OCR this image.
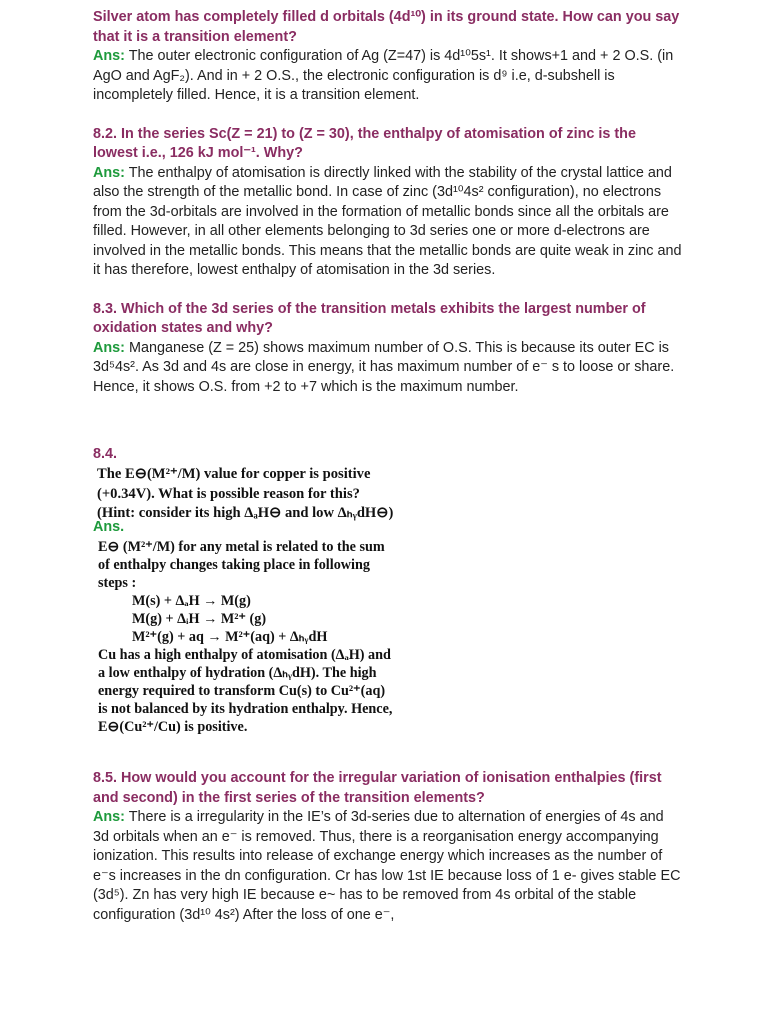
Silver atom has completely filled d orbitals (4d¹⁰) in its ground state. How can you say that it is a transition element?

Ans: The outer electronic configuration of Ag (Z=47) is 4d¹⁰5s¹. It shows+1 and + 2 O.S. (in AgO and AgF₂). And in + 2 O.S., the electronic configuration is d⁹ i.e, d-subshell is incompletely filled. Hence, it is a transition element.

8.2. In the series Sc(Z = 21) to (Z = 30), the enthalpy of atomisation of zinc is the lowest i.e., 126 kJ mol⁻¹. Why?

Ans: The enthalpy of atomisation is directly linked with the stability of the crystal lattice and also the strength of the metallic bond. In case of zinc (3d¹⁰4s² configuration), no electrons from the 3d-orbitals are involved in the formation of metallic bonds since all the orbitals are filled. However, in all other elements belonging to 3d series one or more d-electrons are involved in the metallic bonds. This means that the metallic bonds are quite weak in zinc and it has therefore, lowest enthalpy of atomisation in the 3d series.

8.3. Which of the 3d series of the transition metals exhibits the largest number of oxidation states and why?

Ans: Manganese (Z = 25) shows maximum number of O.S. This is because its outer EC is 3d⁵4s². As 3d and 4s are close in energy, it has maximum number of e⁻ s to loose or share. Hence, it shows O.S. from +2 to +7 which is the maximum number.

8.4.

The E⊖(M²⁺/M) value for copper is positive

(+0.34V). What is possible reason for this?

(Hint: consider its high ΔₐH⊖ and low ΔₕᵧdH⊖)

Ans.

E⊖ (M²⁺/M) for any metal is related to the sum

of enthalpy changes taking place in following

steps :

M(s) + ΔₐH → M(g)

M(g) + ΔᵢH → M²⁺ (g)

M²⁺(g) + aq → M²⁺(aq) + ΔₕᵧdH

Cu has a high enthalpy of atomisation (ΔₐH) and

a low enthalpy of hydration (ΔₕᵧdH). The high

energy required to transform Cu(s) to Cu²⁺(aq)

is not balanced by its hydration enthalpy. Hence,

E⊖(Cu²⁺/Cu) is positive.

8.5. How would you account for the irregular variation of ionisation enthalpies (first and second) in the first series of the transition elements?

Ans: There is a irregularity in the IE’s of 3d-series due to alternation of energies of 4s and 3d orbitals when an e⁻ is removed. Thus, there is a reorganisation energy accompanying ionization. This results into release of exchange energy which increases as the number of e⁻s increases in the dn configuration. Cr has low 1st IE because loss of 1 e- gives stable EC (3d⁵). Zn has very high IE because e~ has to be removed from 4s orbital of the stable configuration (3d¹⁰ 4s²) After the loss of one e⁻,
